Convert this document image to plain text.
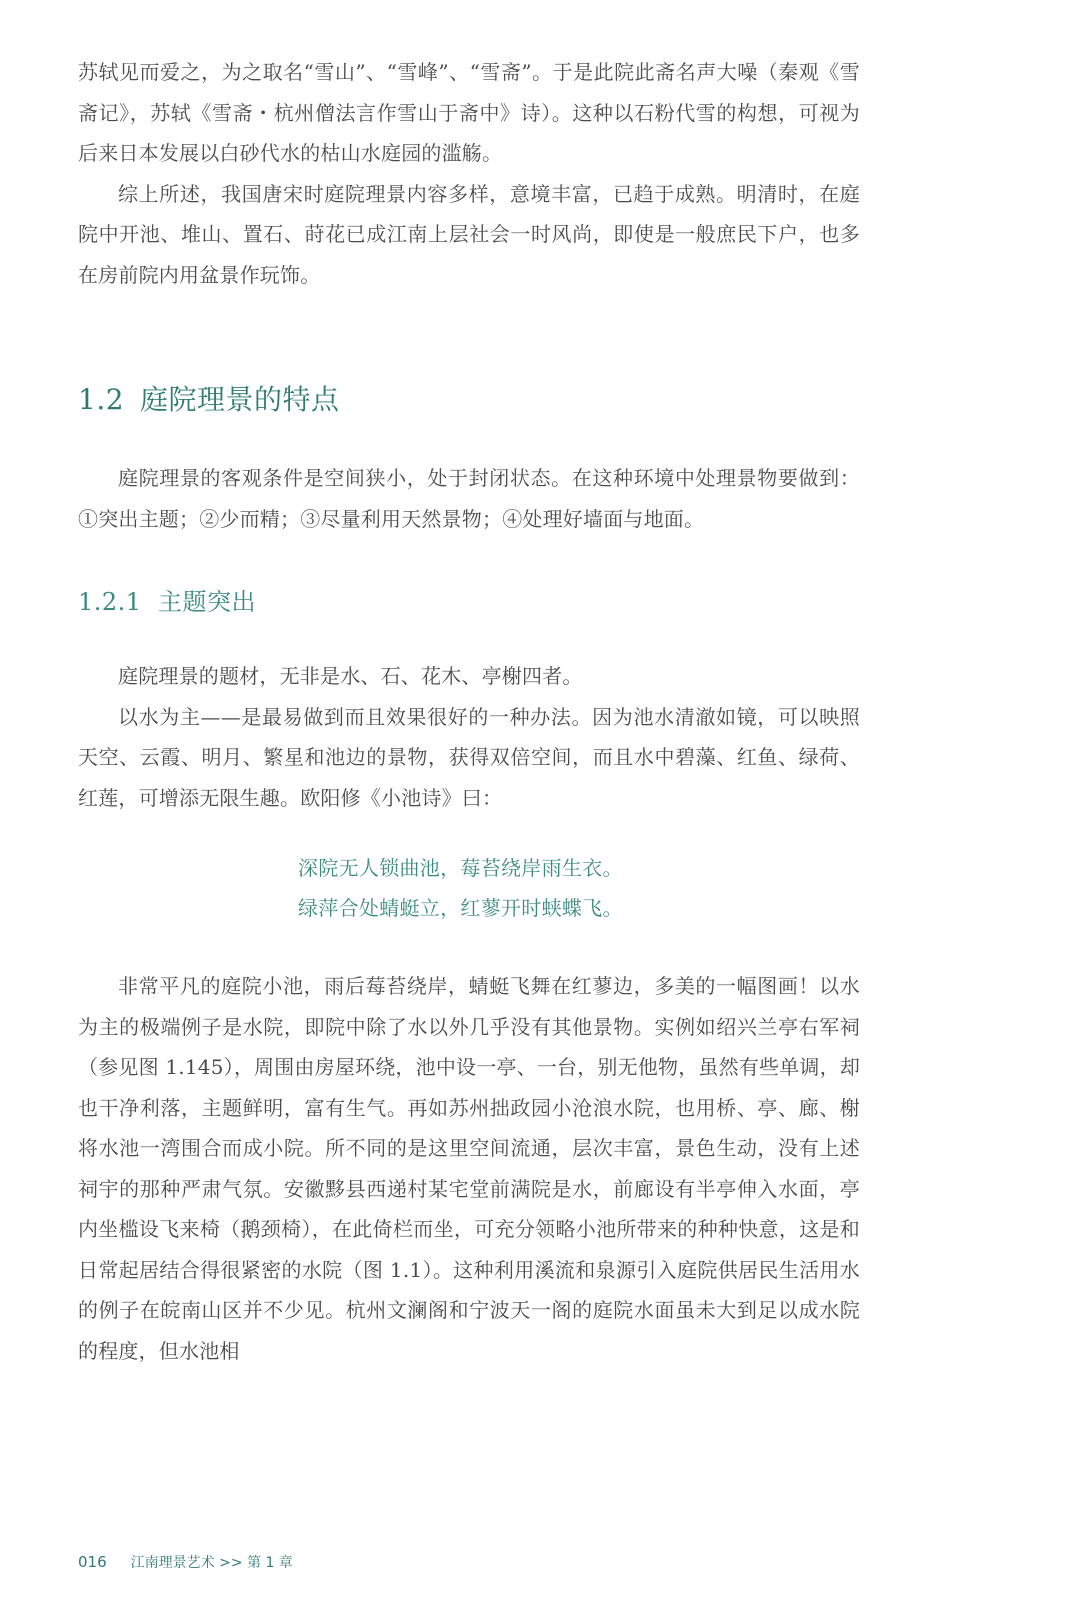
苏轼见而爱之，为之取名“雪山”、“雪峰”、“雪斋”。于是此院此斋名声大噪（秦观《雪斋记》，苏轼《雪斋・杭州僧法言作雪山于斋中》诗）。这种以石粉代雪的构想，可视为后来日本发展以白砂代水的枯山水庭园的滥觞。

综上所述，我国唐宋时庭院理景内容多样，意境丰富，已趋于成熟。明清时，在庭院中开池、堆山、置石、莳花已成江南上层社会一时风尚，即使是一般庶民下户，也多在房前院内用盆景作玩饰。

1.2 庭院理景的特点

庭院理景的客观条件是空间狭小，处于封闭状态。在这种环境中处理景物要做到：①突出主题；②少而精；③尽量利用天然景物；④处理好墙面与地面。

1.2.1 主题突出

庭院理景的题材，无非是水、石、花木、亭榭四者。

以水为主——是最易做到而且效果很好的一种办法。因为池水清澈如镜，可以映照天空、云霞、明月、繁星和池边的景物，获得双倍空间，而且水中碧藻、红鱼、绿荷、红莲，可增添无限生趣。欧阳修《小池诗》曰：

深院无人锁曲池，莓苔绕岸雨生衣。

绿萍合处蜻蜓立，红蓼开时蛱蝶飞。

非常平凡的庭院小池，雨后莓苔绕岸，蜻蜓飞舞在红蓼边，多美的一幅图画！以水为主的极端例子是水院，即院中除了水以外几乎没有其他景物。实例如绍兴兰亭右军祠（参见图 1.145），周围由房屋环绕，池中设一亭、一台，别无他物，虽然有些单调，却也干净利落，主题鲜明，富有生气。再如苏州拙政园小沧浪水院，也用桥、亭、廊、榭将水池一湾围合而成小院。所不同的是这里空间流通，层次丰富，景色生动，没有上述祠宇的那种严肃气氛。安徽黟县西递村某宅堂前满院是水，前廊设有半亭伸入水面，亭内坐槛设飞来椅（鹅颈椅），在此倚栏而坐，可充分领略小池所带来的种种快意，这是和日常起居结合得很紧密的水院（图 1.1）。这种利用溪流和泉源引入庭院供居民生活用水的例子在皖南山区并不少见。杭州文澜阁和宁波天一阁的庭院水面虽未大到足以成水院的程度，但水池相

016 江南理景艺术 >> 第 1 章
